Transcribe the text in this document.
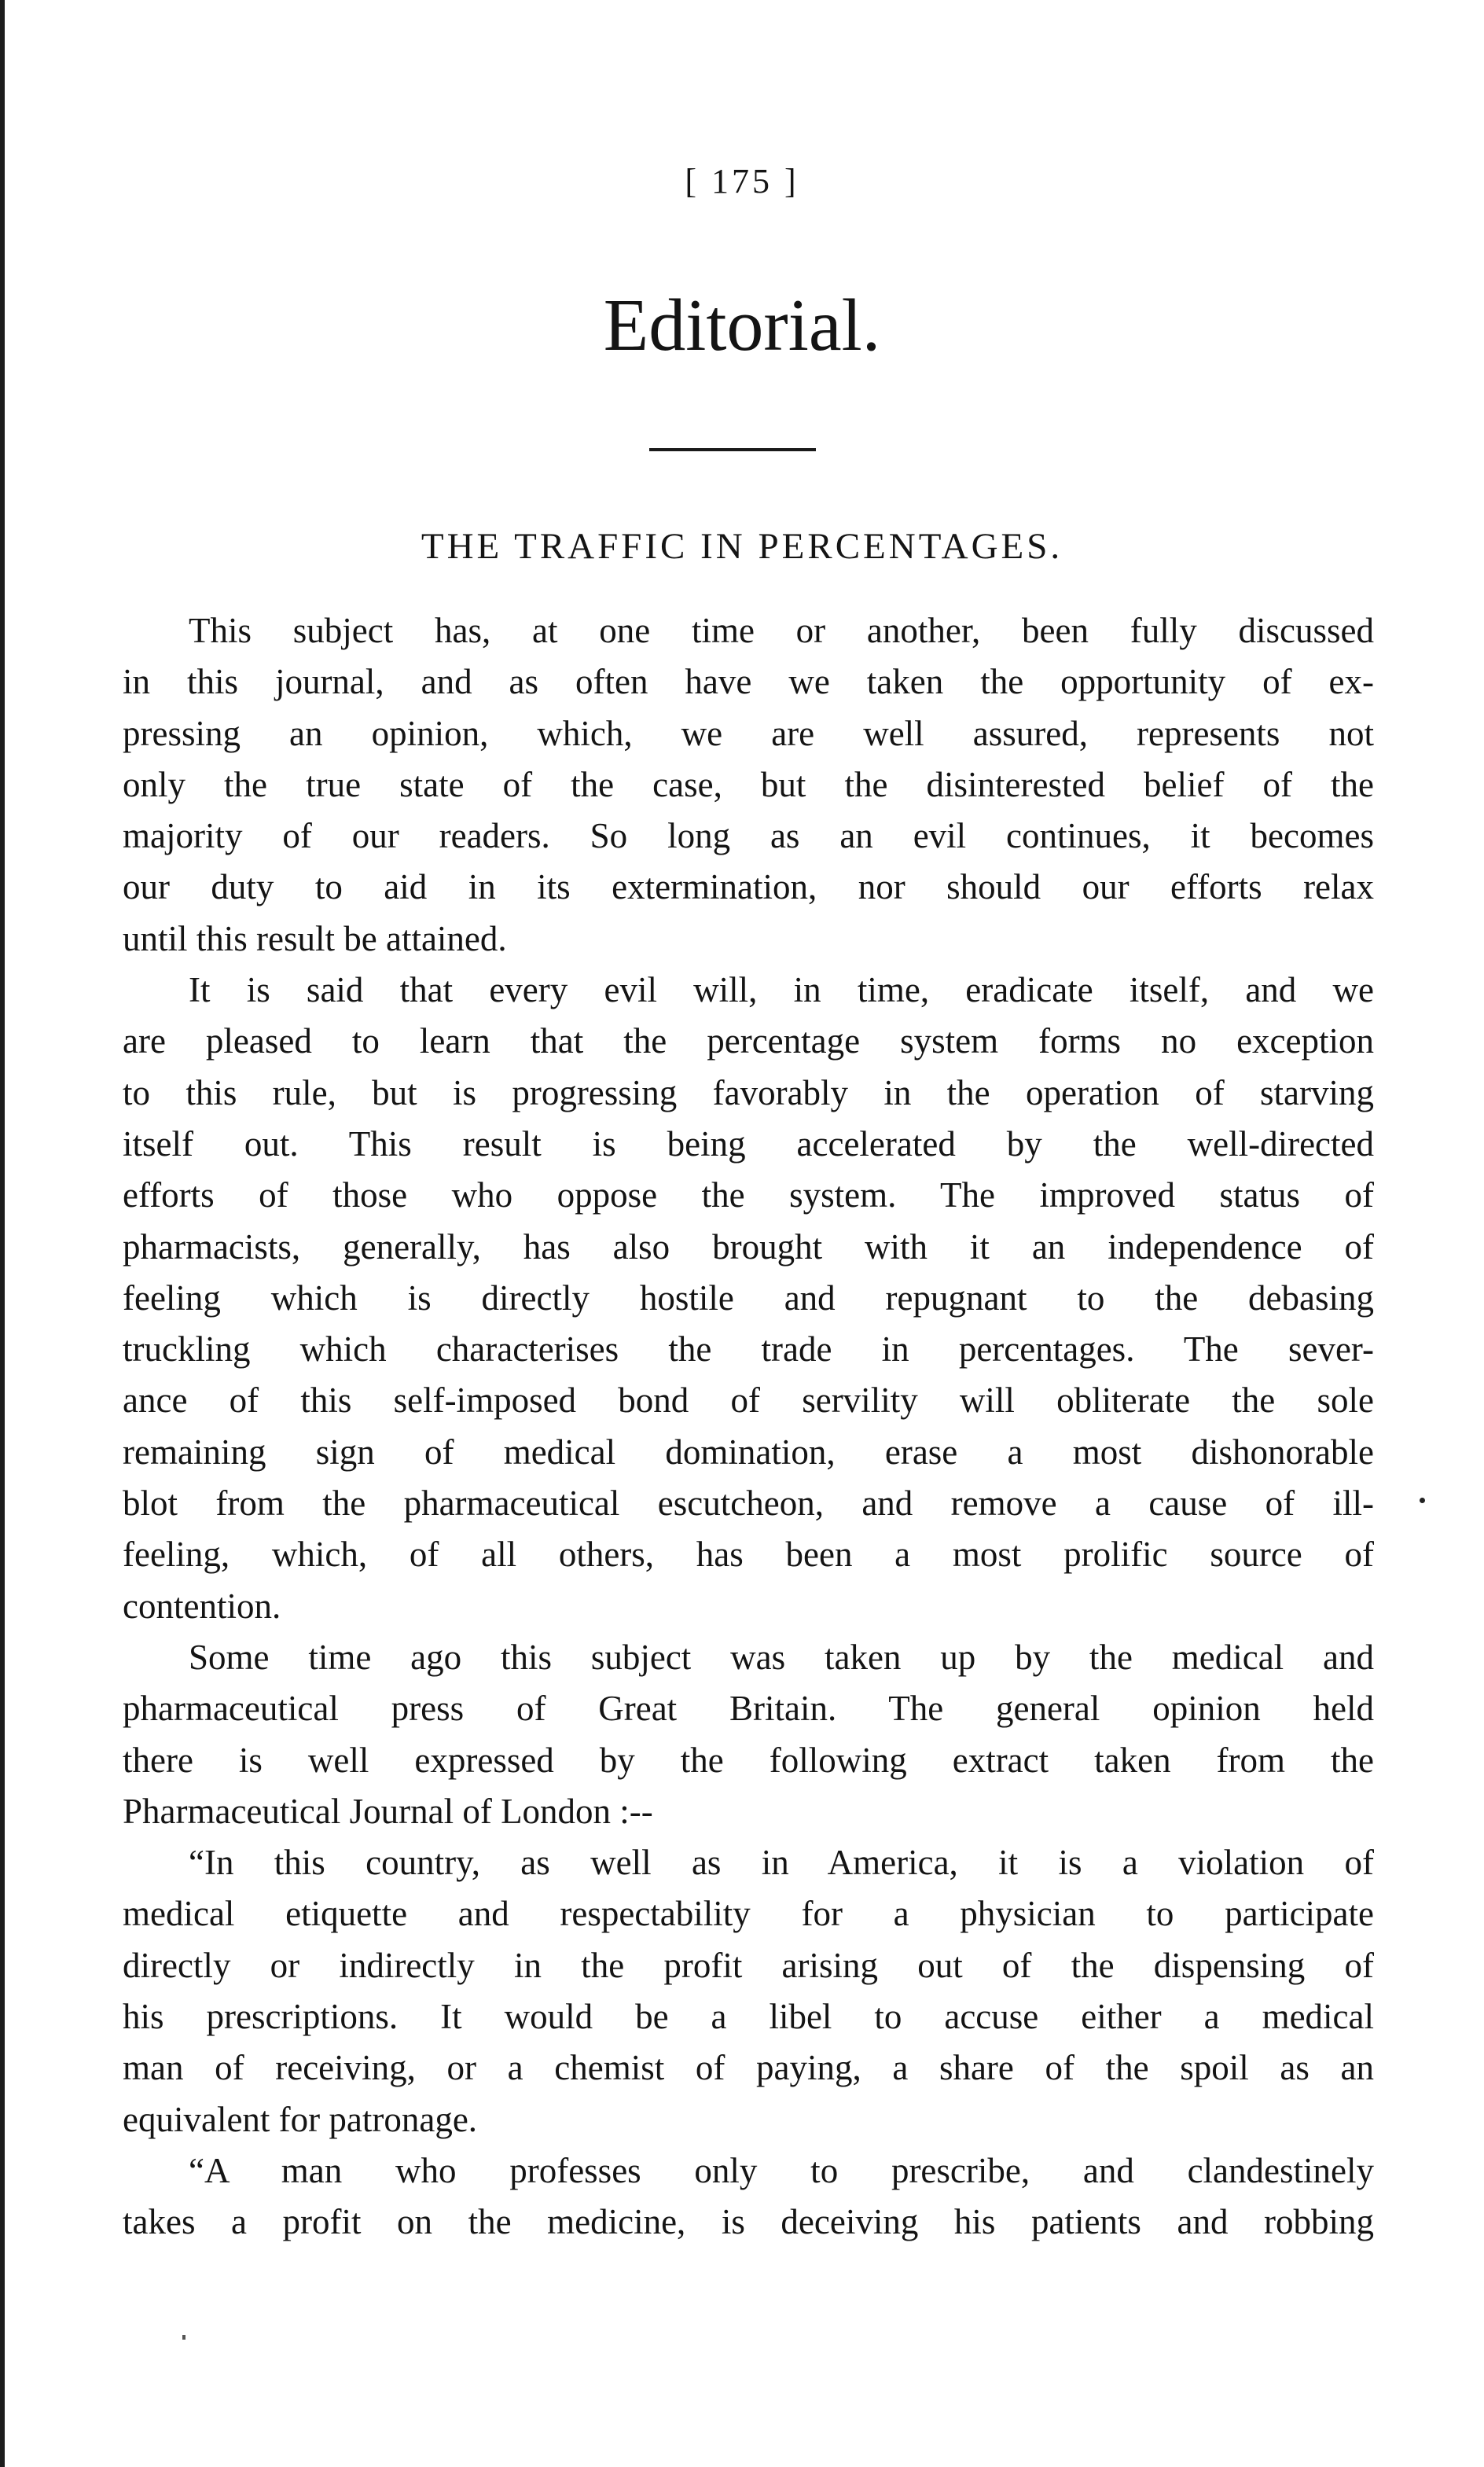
[ 175 ]
Editorial.
THE TRAFFIC IN PERCENTAGES.
This subject has, at one time or another, been fully discussed
in this journal, and as often have we taken the opportunity of ex-
pressing an opinion, which, we are well assured, represents not
only the true state of the case, but the disinterested belief of the
majority of our readers. So long as an evil continues, it becomes
our duty to aid in its extermination, nor should our efforts relax
until this result be attained.
It is said that every evil will, in time, eradicate itself, and we
are pleased to learn that the percentage system forms no exception
to this rule, but is progressing favorably in the operation of starving
itself out. This result is being accelerated by the well-directed
efforts of those who oppose the system. The improved status of
pharmacists, generally, has also brought with it an independence of
feeling which is directly hostile and repugnant to the debasing
truckling which characterises the trade in percentages. The sever-
ance of this self-imposed bond of servility will obliterate the sole
remaining sign of medical domination, erase a most dishonorable
blot from the pharmaceutical escutcheon, and remove a cause of ill-
feeling, which, of all others, has been a most prolific source of
contention.
Some time ago this subject was taken up by the medical and
pharmaceutical press of Great Britain. The general opinion held
there is well expressed by the following extract taken from the
Pharmaceutical Journal of London :--
“In this country, as well as in America, it is a violation of
medical etiquette and respectability for a physician to participate
directly or indirectly in the profit arising out of the dispensing of
his prescriptions. It would be a libel to accuse either a medical
man of receiving, or a chemist of paying, a share of the spoil as an
equivalent for patronage.
“A man who professes only to prescribe, and clandestinely
takes a profit on the medicine, is deceiving his patients and robbing
